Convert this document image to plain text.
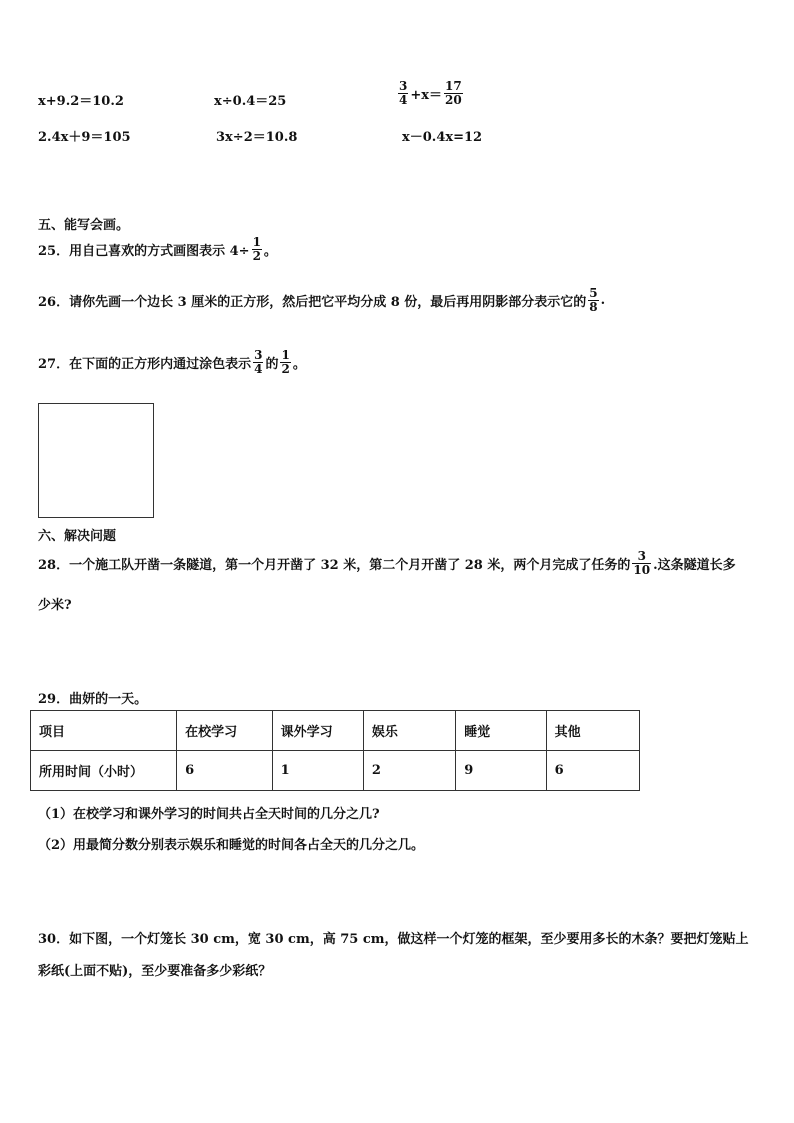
x+9.2＝10.2	x÷0.4＝25	$\frac{3}{4} +x= \frac{17}{20}$
2.4x＋9＝105	3x÷2＝10.8	x－0.4x=12
五、能写会画。
25．用自己喜欢的方式画图表示 $4\div \frac{1}{2}$ 。
26．请你先画一个边长 3 厘米的正方形，然后把它平均分成 8 份，最后再用阴影部分表示它的 $\frac{5}{8}$ .
27．在下面的正方形内通过涂色表示 $\frac{3}{4}$ 的 $\frac{1}{2}$ 。
六、解决问题
28．一个施工队开凿一条隧道，第一个月开凿了 32 米，第二个月开凿了 28 米，两个月完成了任务的 $\frac{3}{10}$ .这条隧道长多
少米?
29．曲妍的一天。
项目	在校学习	课外学习	娱乐	睡觉	其他
所用时间（小时）	6	1	2	9	6
（1）在校学习和课外学习的时间共占全天时间的几分之几?
（2）用最简分数分别表示娱乐和睡觉的时间各占全天的几分之几。
30．如下图，一个灯笼长 30 cm，宽 30 cm，高 75 cm，做这样一个灯笼的框架，至少要用多长的木条？要把灯笼贴上
彩纸(上面不贴)，至少要准备多少彩纸？
